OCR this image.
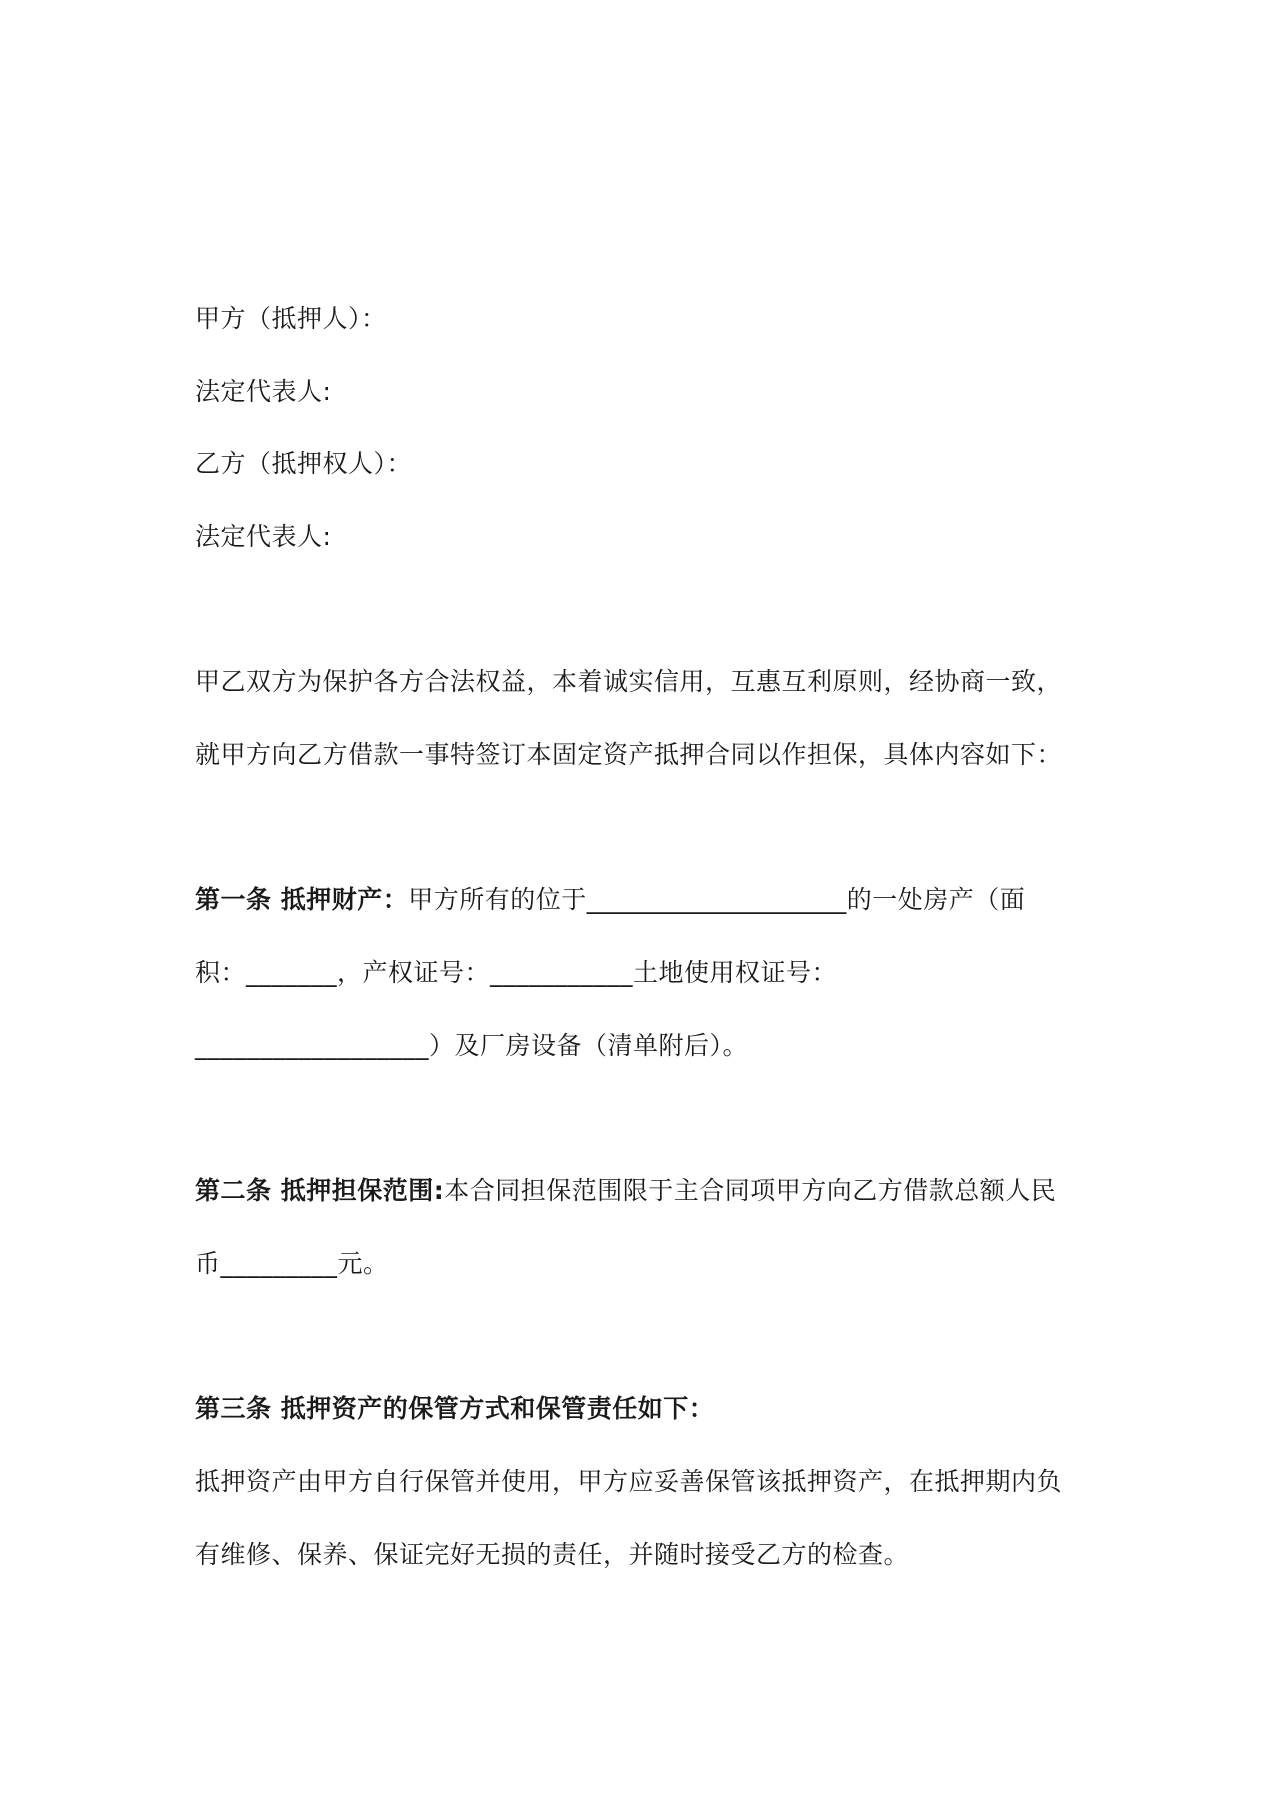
甲方（抵押人）：
法定代表人:
乙方（抵押权人）：
法定代表人:
甲乙双方为保护各方合法权益，本着诚实信用，互惠互利原则，经协商一致，
就甲方向乙方借款一事特签订本固定资产抵押合同以作担保，具体内容如下：
第一条 抵押财产：甲方所有的位于____________________的一处房产（面
积：_______，产权证号：___________土地使用权证号：
__________________）及厂房设备（清单附后）。
第二条 抵押担保范围:本合同担保范围限于主合同项甲方向乙方借款总额人民
币_________元。
第三条 抵押资产的保管方式和保管责任如下：
抵押资产由甲方自行保管并使用，甲方应妥善保管该抵押资产，在抵押期内负
有维修、保养、保证完好无损的责任，并随时接受乙方的检查。
